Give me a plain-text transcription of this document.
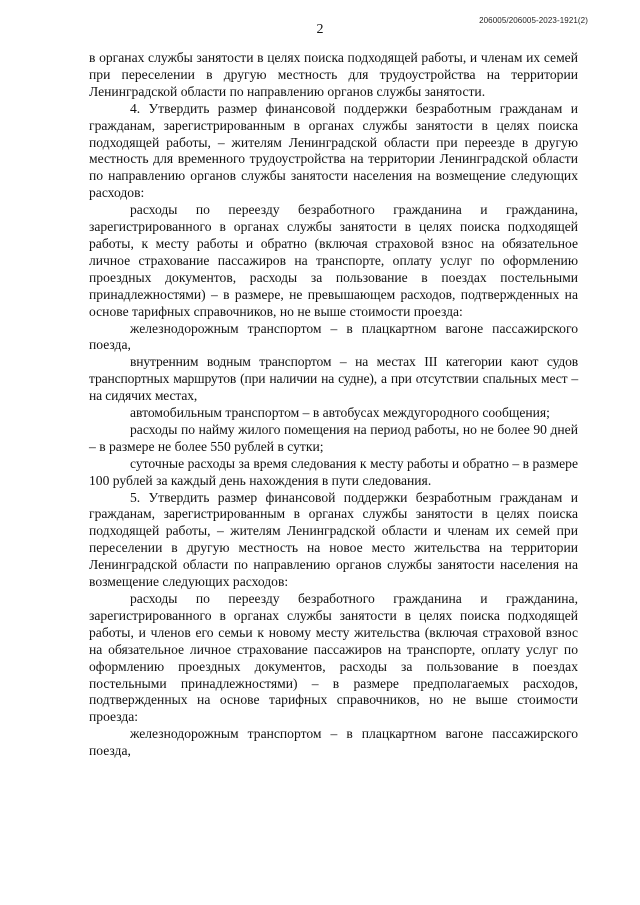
2
206005/206005-2023-1921(2)

в органах службы занятости в целях поиска подходящей работы, и членам их семей при переселении в другую местность для трудоустройства на территории Ленинградской области по направлению органов службы занятости.

4. Утвердить размер финансовой поддержки безработным гражданам и гражданам, зарегистрированным в органах службы занятости в целях поиска подходящей работы, – жителям Ленинградской области при переезде в другую местность для временного трудоустройства на территории Ленинградской области по направлению органов службы занятости населения на возмещение следующих расходов:

расходы по переезду безработного гражданина и гражданина, зарегистрированного в органах службы занятости в целях поиска подходящей работы, к месту работы и обратно (включая страховой взнос на обязательное личное страхование пассажиров на транспорте, оплату услуг по оформлению проездных документов, расходы за пользование в поездах постельными принадлежностями) – в размере, не превышающем расходов, подтвержденных на основе тарифных справочников, но не выше стоимости проезда:

железнодорожным транспортом – в плацкартном вагоне пассажирского поезда,

внутренним водным транспортом – на местах III категории кают судов транспортных маршрутов (при наличии на судне), а при отсутствии спальных мест – на сидячих местах,

автомобильным транспортом – в автобусах междугородного сообщения;

расходы по найму жилого помещения на период работы, но не более 90 дней – в размере не более 550 рублей в сутки;

суточные расходы за время следования к месту работы и обратно – в размере 100 рублей за каждый день нахождения в пути следования.

5. Утвердить размер финансовой поддержки безработным гражданам и гражданам, зарегистрированным в органах службы занятости в целях поиска подходящей работы, – жителям Ленинградской области и членам их семей при переселении в другую местность на новое место жительства на территории Ленинградской области по направлению органов службы занятости населения на возмещение следующих расходов:

расходы по переезду безработного гражданина и гражданина, зарегистрированного в органах службы занятости в целях поиска подходящей работы, и членов его семьи к новому месту жительства (включая страховой взнос на обязательное личное страхование пассажиров на транспорте, оплату услуг по оформлению проездных документов, расходы за пользование в поездах постельными принадлежностями) – в размере предполагаемых расходов, подтвержденных на основе тарифных справочников, но не выше стоимости проезда:

железнодорожным транспортом – в плацкартном вагоне пассажирского поезда,
